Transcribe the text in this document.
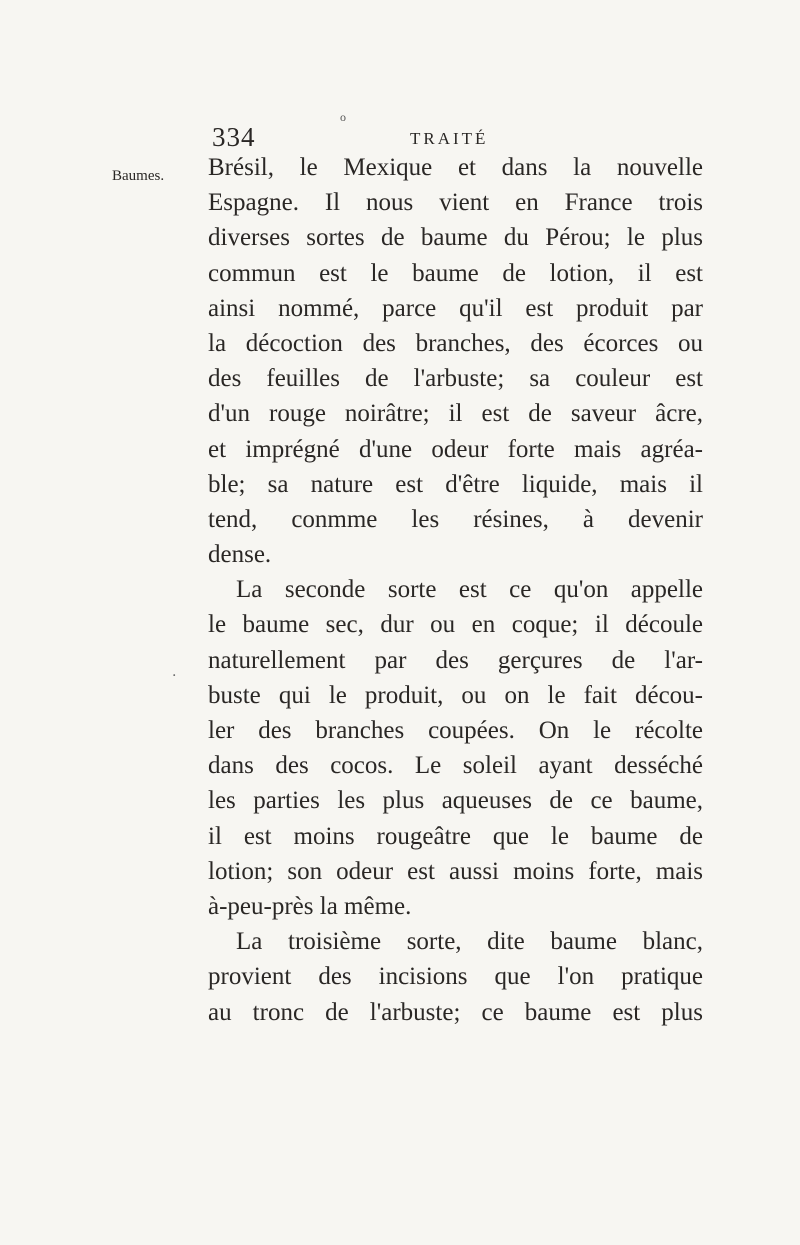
o
334	TRAITÉ
Baumes.
·
Brésil, le Mexique et dans la nouvelle
Espagne. Il nous vient en France trois
diverses sortes de baume du Pérou; le plus
commun est le baume de lotion, il est
ainsi nommé, parce qu'il est produit par
la décoction des branches, des écorces ou
des feuilles de l'arbuste; sa couleur est
d'un rouge noirâtre; il est de saveur âcre,
et imprégné d'une odeur forte mais agréa-
ble; sa nature est d'être liquide, mais il
tend, conmme les résines, à devenir
dense.
La seconde sorte est ce qu'on appelle
le baume sec, dur ou en coque; il découle
naturellement par des gerçures de l'ar-
buste qui le produit, ou on le fait décou-
ler des branches coupées. On le récolte
dans des cocos. Le soleil ayant desséché
les parties les plus aqueuses de ce baume,
il est moins rougeâtre que le baume de
lotion; son odeur est aussi moins forte, mais
à-peu-près la même.
La troisième sorte, dite baume blanc,
provient des incisions que l'on pratique
au tronc de l'arbuste; ce baume est plus
